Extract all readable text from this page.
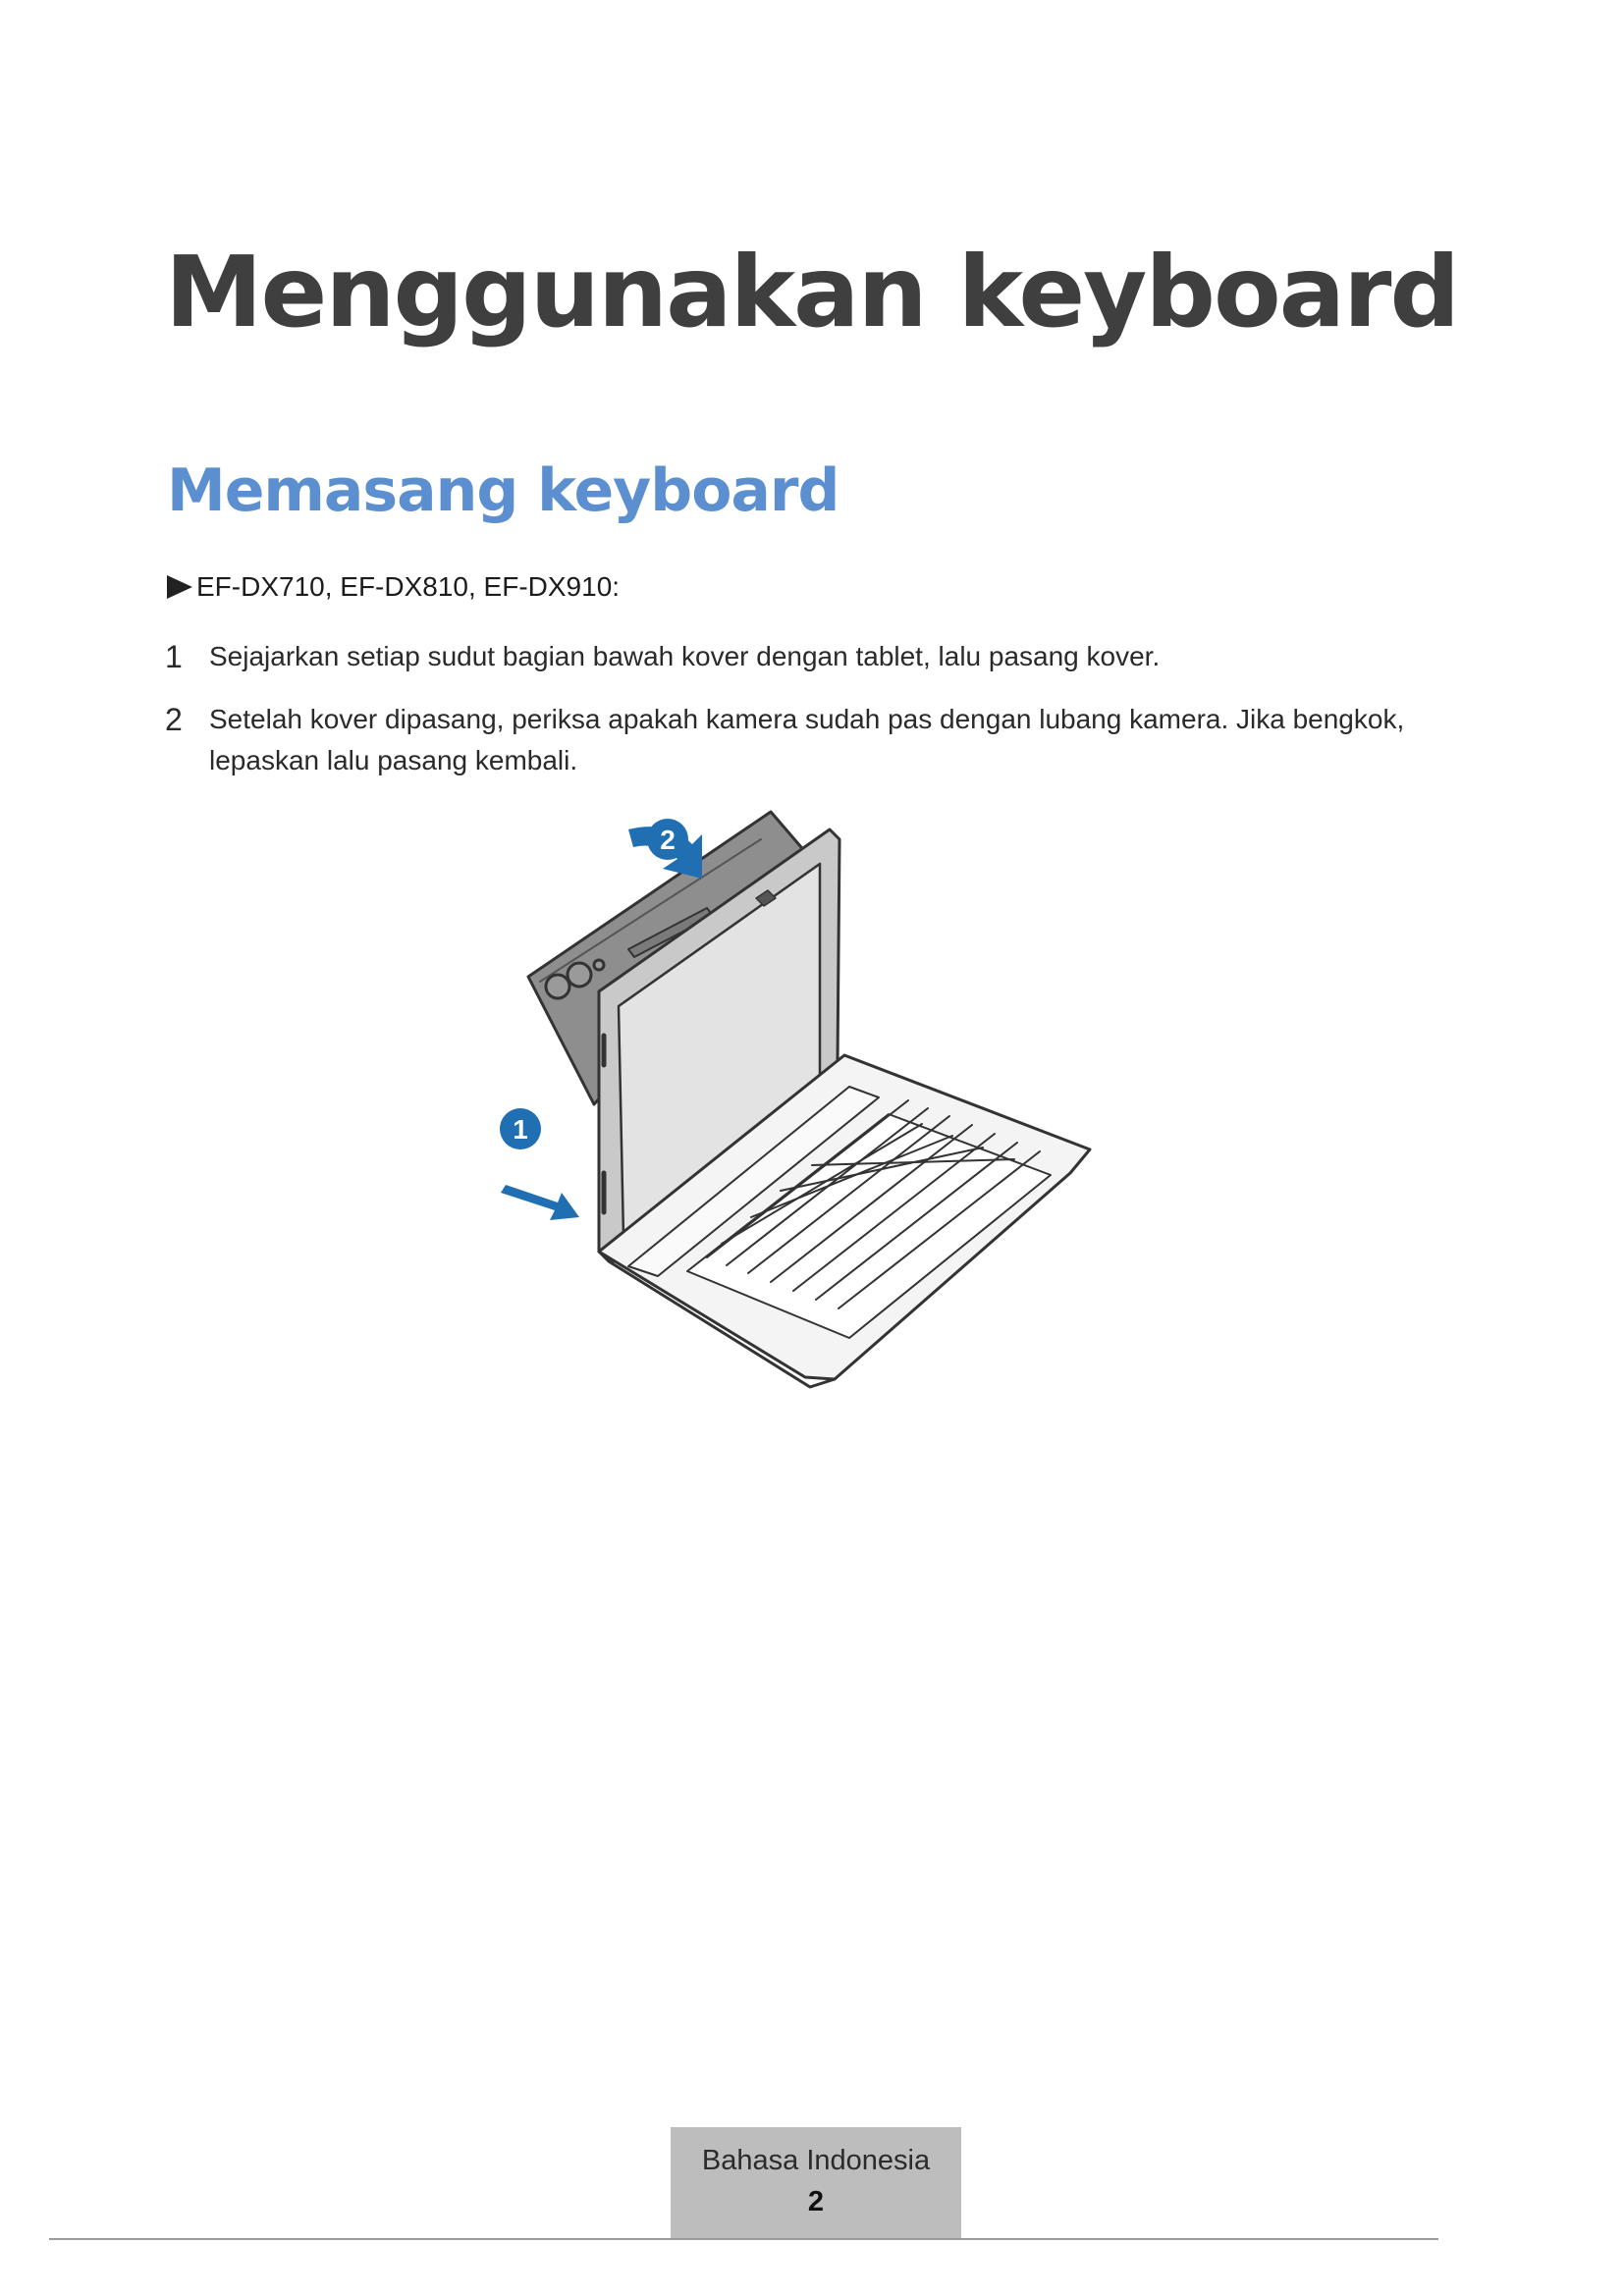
Menggunakan keyboard
Memasang keyboard
EF-DX710, EF-DX810, EF-DX910:
1 Sejajarkan setiap sudut bagian bawah kover dengan tablet, lalu pasang kover.
2 Setelah kover dipasang, periksa apakah kamera sudah pas dengan lubang kamera. Jika bengkok, lepaskan lalu pasang kembali.
1
2
Bahasa Indonesia
2
